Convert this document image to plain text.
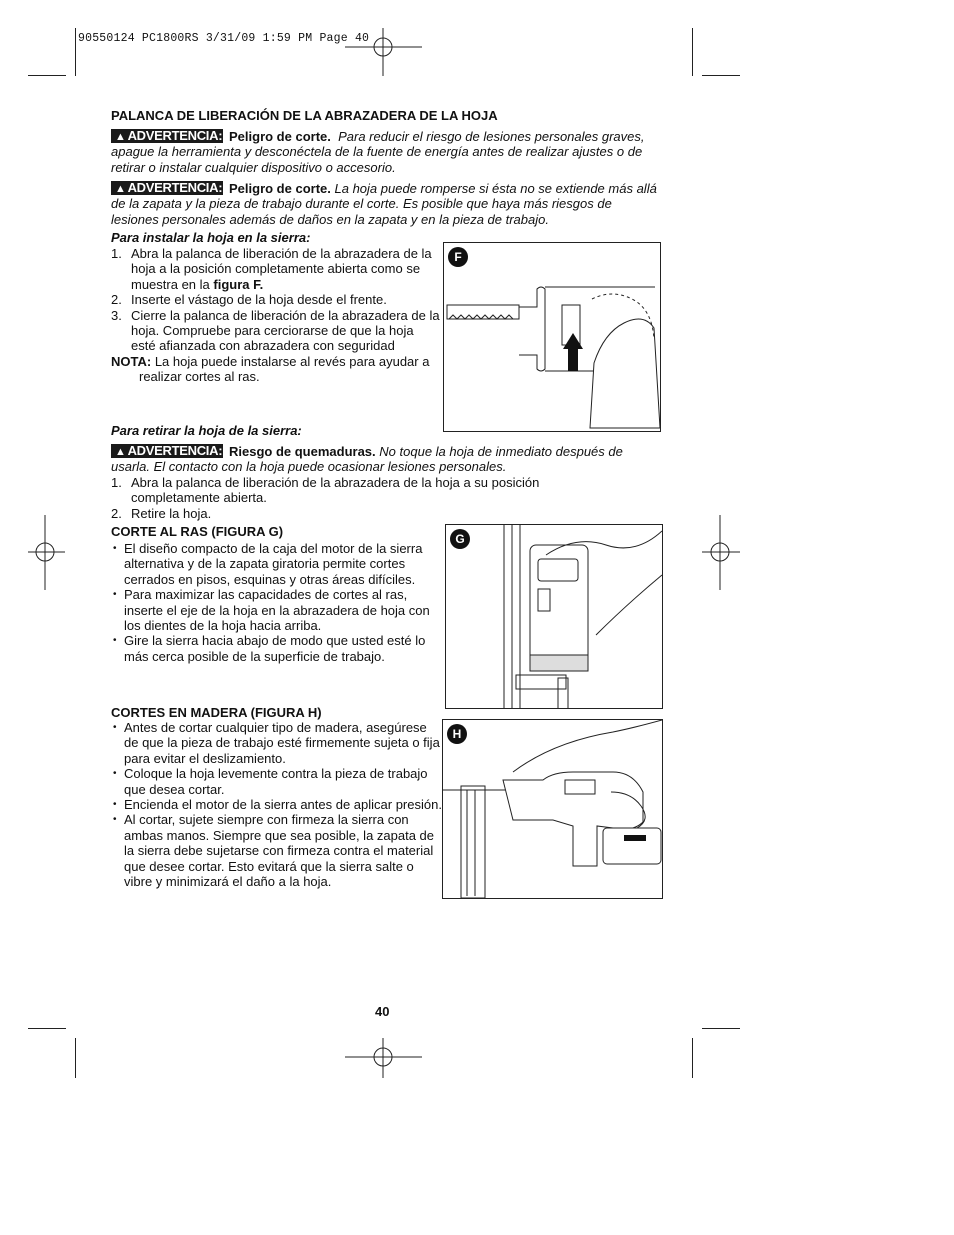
90550124 PC1800RS 3/31/09 1:59 PM Page 40
PALANCA DE LIBERACIÓN DE LA ABRAZADERA DE LA HOJA
▲ ADVERTENCIA: Peligro de corte. Para reducir el riesgo de lesiones personales graves, apague la herramienta y desconéctela de la fuente de energía antes de realizar ajustes o de retirar o instalar cualquier dispositivo o accesorio.
▲ ADVERTENCIA: Peligro de corte. La hoja puede romperse si ésta no se extiende más allá de la zapata y la pieza de trabajo durante el corte. Es posible que haya más riesgos de lesiones personales además de daños en la zapata y en la pieza de trabajo.
Para instalar la hoja en la sierra:
1. Abra la palanca de liberación de la abrazadera de la hoja a la posición completamente abierta como se muestra en la figura F.
2. Inserte el vástago de la hoja desde el frente.
3. Cierre la palanca de liberación de la abrazadera de la hoja. Compruebe para cerciorarse de que la hoja esté afianzada con abrazadera con seguridad
NOTA: La hoja puede instalarse al revés para ayudar a realizar cortes al ras.
F
Para retirar la hoja de la sierra:
▲ ADVERTENCIA: Riesgo de quemaduras. No toque la hoja de inmediato después de usarla. El contacto con la hoja puede ocasionar lesiones personales.
1. Abra la palanca de liberación de la abrazadera de la hoja a su posición completamente abierta.
2. Retire la hoja.
CORTE AL RAS (FIGURA G)
• El diseño compacto de la caja del motor de la sierra alternativa y de la zapata giratoria permite cortes cerrados en pisos, esquinas y otras áreas difíciles.
• Para maximizar las capacidades de cortes al ras, inserte el eje de la hoja en la abrazadera de hoja con los dientes de la hoja hacia arriba.
• Gire la sierra hacia abajo de modo que usted esté lo más cerca posible de la superficie de trabajo.
G
CORTES EN MADERA (FIGURA H)
• Antes de cortar cualquier tipo de madera, asegúrese de que la pieza de trabajo esté firmemente sujeta o fija para evitar el deslizamiento.
• Coloque la hoja levemente contra la pieza de trabajo que desea cortar.
• Encienda el motor de la sierra antes de aplicar presión.
• Al cortar, sujete siempre con firmeza la sierra con ambas manos. Siempre que sea posible, la zapata de la sierra debe sujetarse con firmeza contra el material que desee cortar. Esto evitará que la sierra salte o vibre y minimizará el daño a la hoja.
H
40
